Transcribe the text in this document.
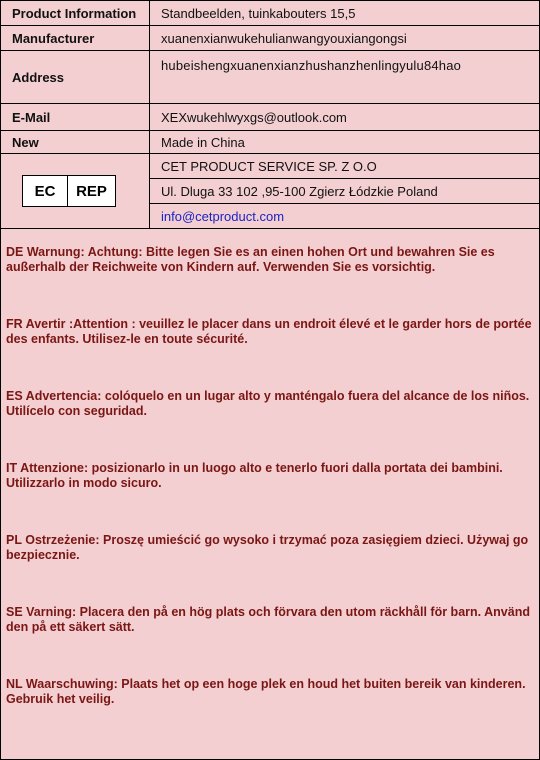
Product Information	Standbeelden, tuinkabouters 15,5
Manufacturer	xuanenxianwukehulianwangyouxiangongsi
Address	hubeishengxuanenxianzhushanzhenlingyulu84hao
E-Mail	XEXwukehlwyxgs@outlook.com
New	Made in China

EC REP	CET PRODUCT SERVICE SP. Z O.O
	Ul. Dluga 33 102 ,95-100 Zgierz Łódzkie Poland
	info@cetproduct.com

DE Warnung: Achtung: Bitte legen Sie es an einen hohen Ort und bewahren Sie es außerhalb der Reichweite von Kindern auf. Verwenden Sie es vorsichtig.

FR Avertir :Attention : veuillez le placer dans un endroit élevé et le garder hors de portée des enfants. Utilisez-le en toute sécurité.

ES Advertencia: colóquelo en un lugar alto y manténgalo fuera del alcance de los niños. Utilícelo con seguridad.

IT Attenzione: posizionarlo in un luogo alto e tenerlo fuori dalla portata dei bambini. Utilizzarlo in modo sicuro.

PL Ostrzeżenie: Proszę umieścić go wysoko i trzymać poza zasięgiem dzieci. Używaj go bezpiecznie.

SE Varning: Placera den på en hög plats och förvara den utom räckhåll för barn. Använd den på ett säkert sätt.

NL Waarschuwing: Plaats het op een hoge plek en houd het buiten bereik van kinderen. Gebruik het veilig.
